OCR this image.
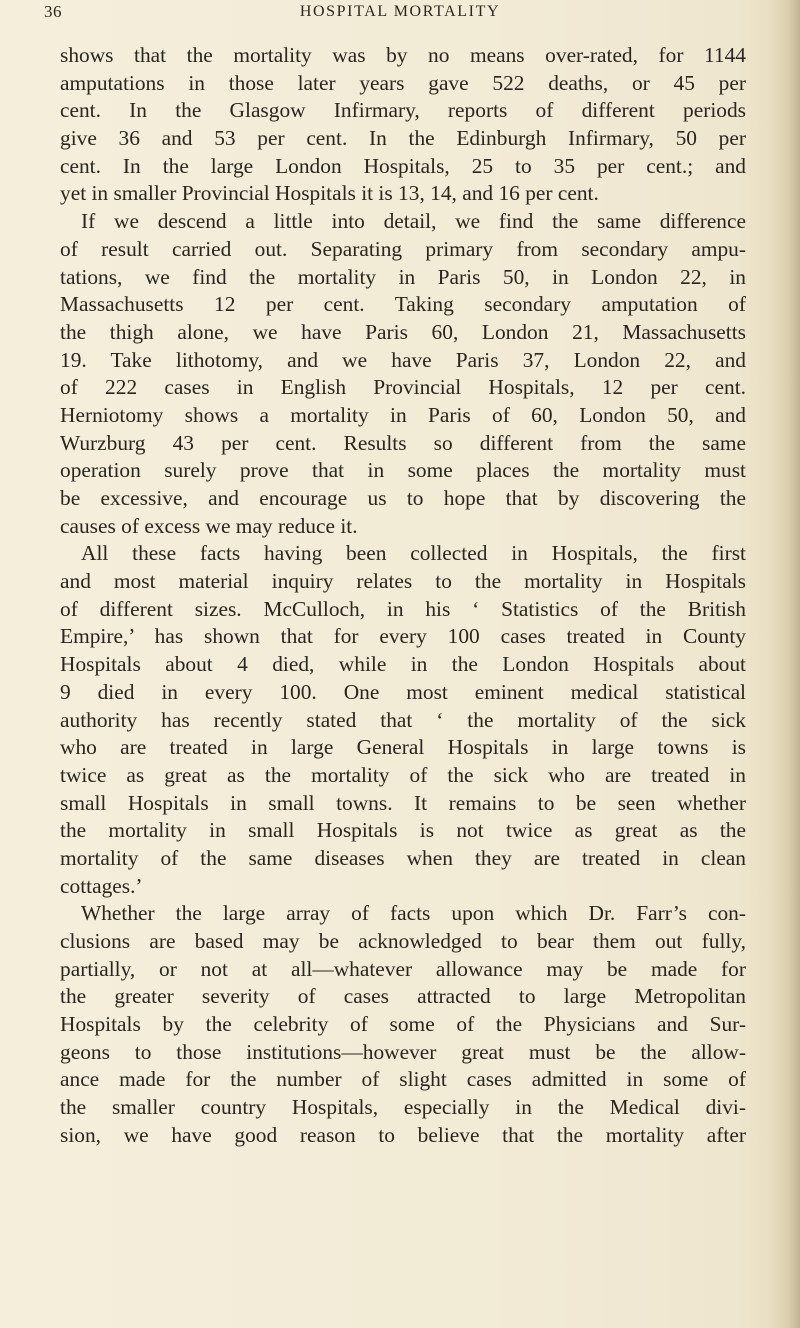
36	HOSPITAL MORTALITY
shows that the mortality was by no means over-rated, for 1144
amputations in those later years gave 522 deaths, or 45 per
cent. In the Glasgow Infirmary, reports of different periods
give 36 and 53 per cent. In the Edinburgh Infirmary, 50 per
cent. In the large London Hospitals, 25 to 35 per cent.; and
yet in smaller Provincial Hospitals it is 13, 14, and 16 per cent.
If we descend a little into detail, we find the same difference
of result carried out. Separating primary from secondary ampu-
tations, we find the mortality in Paris 50, in London 22, in
Massachusetts 12 per cent. Taking secondary amputation of
the thigh alone, we have Paris 60, London 21, Massachusetts
19. Take lithotomy, and we have Paris 37, London 22, and
of 222 cases in English Provincial Hospitals, 12 per cent.
Herniotomy shows a mortality in Paris of 60, London 50, and
Wurzburg 43 per cent. Results so different from the same
operation surely prove that in some places the mortality must
be excessive, and encourage us to hope that by discovering the
causes of excess we may reduce it.
All these facts having been collected in Hospitals, the first
and most material inquiry relates to the mortality in Hospitals
of different sizes. McCulloch, in his ‘ Statistics of the British
Empire,’ has shown that for every 100 cases treated in County
Hospitals about 4 died, while in the London Hospitals about
9 died in every 100. One most eminent medical statistical
authority has recently stated that ‘ the mortality of the sick
who are treated in large General Hospitals in large towns is
twice as great as the mortality of the sick who are treated in
small Hospitals in small towns. It remains to be seen whether
the mortality in small Hospitals is not twice as great as the
mortality of the same diseases when they are treated in clean
cottages.’
Whether the large array of facts upon which Dr. Farr’s con-
clusions are based may be acknowledged to bear them out fully,
partially, or not at all—whatever allowance may be made for
the greater severity of cases attracted to large Metropolitan
Hospitals by the celebrity of some of the Physicians and Sur-
geons to those institutions—however great must be the allow-
ance made for the number of slight cases admitted in some of
the smaller country Hospitals, especially in the Medical divi-
sion, we have good reason to believe that the mortality after
